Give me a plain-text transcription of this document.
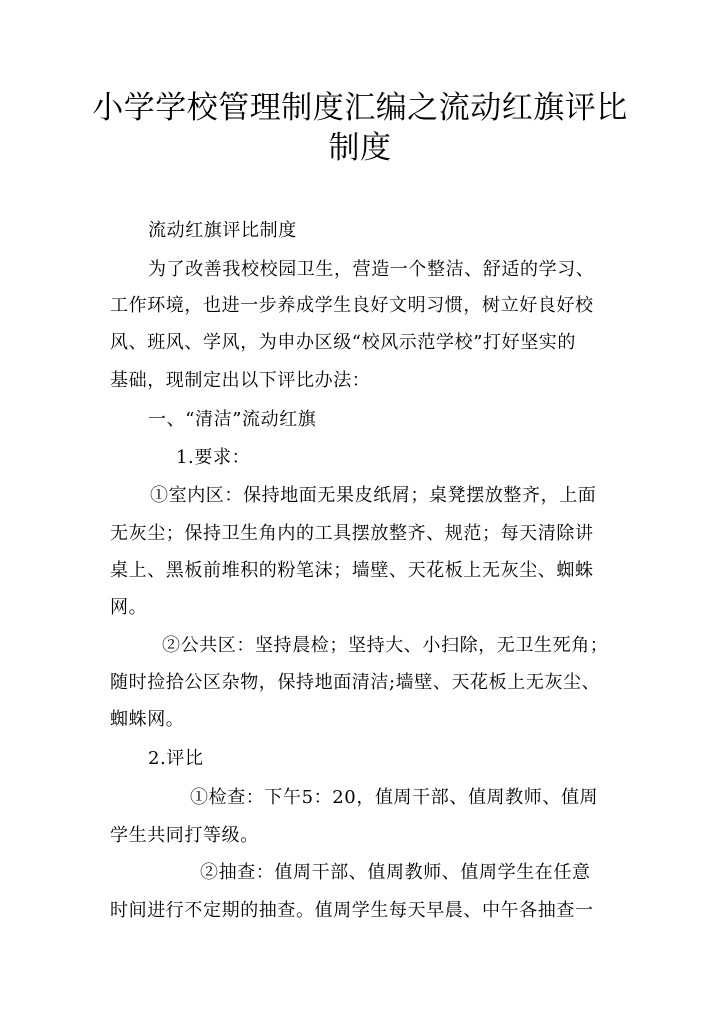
小学学校管理制度汇编之流动红旗评比
制度
流动红旗评比制度
为了改善我校校园卫生，营造一个整洁、舒适的学习、
工作环境，也进一步养成学生良好文明习惯，树立好良好校
风、班风、学风，为申办区级“校风示范学校”打好坚实的
基础，现制定出以下评比办法：
一、“清洁”流动红旗
1.要求：
①室内区：保持地面无果皮纸屑；桌凳摆放整齐，上面
无灰尘；保持卫生角内的工具摆放整齐、规范；每天清除讲
桌上、黑板前堆积的粉笔沫；墙壁、天花板上无灰尘、蜘蛛
网。
②公共区：坚持晨检；坚持大、小扫除，无卫生死角；
随时捡拾公区杂物，保持地面清洁;墙壁、天花板上无灰尘、
蜘蛛网。
2.评比
①检查：下午5：20，值周干部、值周教师、值周
学生共同打等级。
②抽查：值周干部、值周教师、值周学生在任意
时间进行不定期的抽查。值周学生每天早晨、中午各抽查一
